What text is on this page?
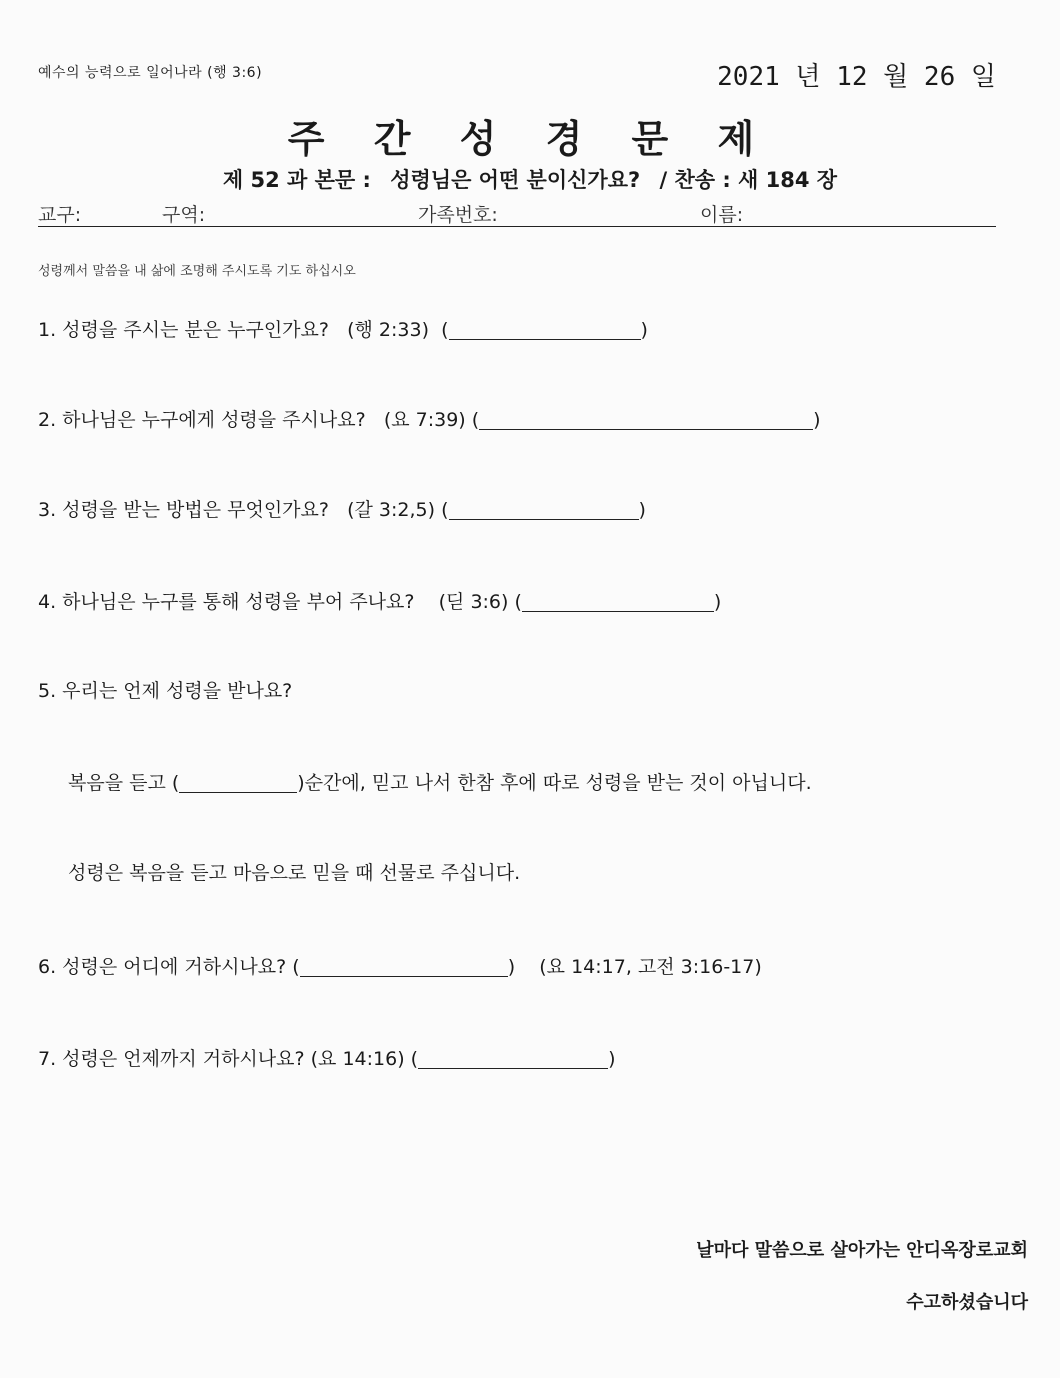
예수의 능력으로 일어나라 (행 3:6)	2021 년 12 월 26 일
주 간 성 경 문 제
제 52 과 본문 : 성령님은 어떤 분이신가요? / 찬송 : 새 184 장
교구:	구역:	가족번호:	이름:
성령께서 말씀을 내 삶에 조명해 주시도록 기도 하십시오
1. 성령을 주시는 분은 누구인가요? (행 2:33)  (	)
2. 하나님은 누구에게 성령을 주시나요? (요 7:39) (	)
3. 성령을 받는 방법은 무엇인가요? (갈 3:2,5) (	)
4. 하나님은 누구를 통해 성령을 부어 주나요? (딛 3:6) (	)
5. 우리는 언제 성령을 받나요?
복음을 듣고 (	)순간에, 믿고 나서 한참 후에 따로 성령을 받는 것이 아닙니다.
성령은 복음을 듣고 마음으로 믿을 때 선물로 주십니다.
6. 성령은 어디에 거하시나요? (	)    (요 14:17, 고전 3:16-17)
7. 성령은 언제까지 거하시나요? (요 14:16) (	)
날마다 말씀으로 살아가는 안디옥장로교회
수고하셨습니다
